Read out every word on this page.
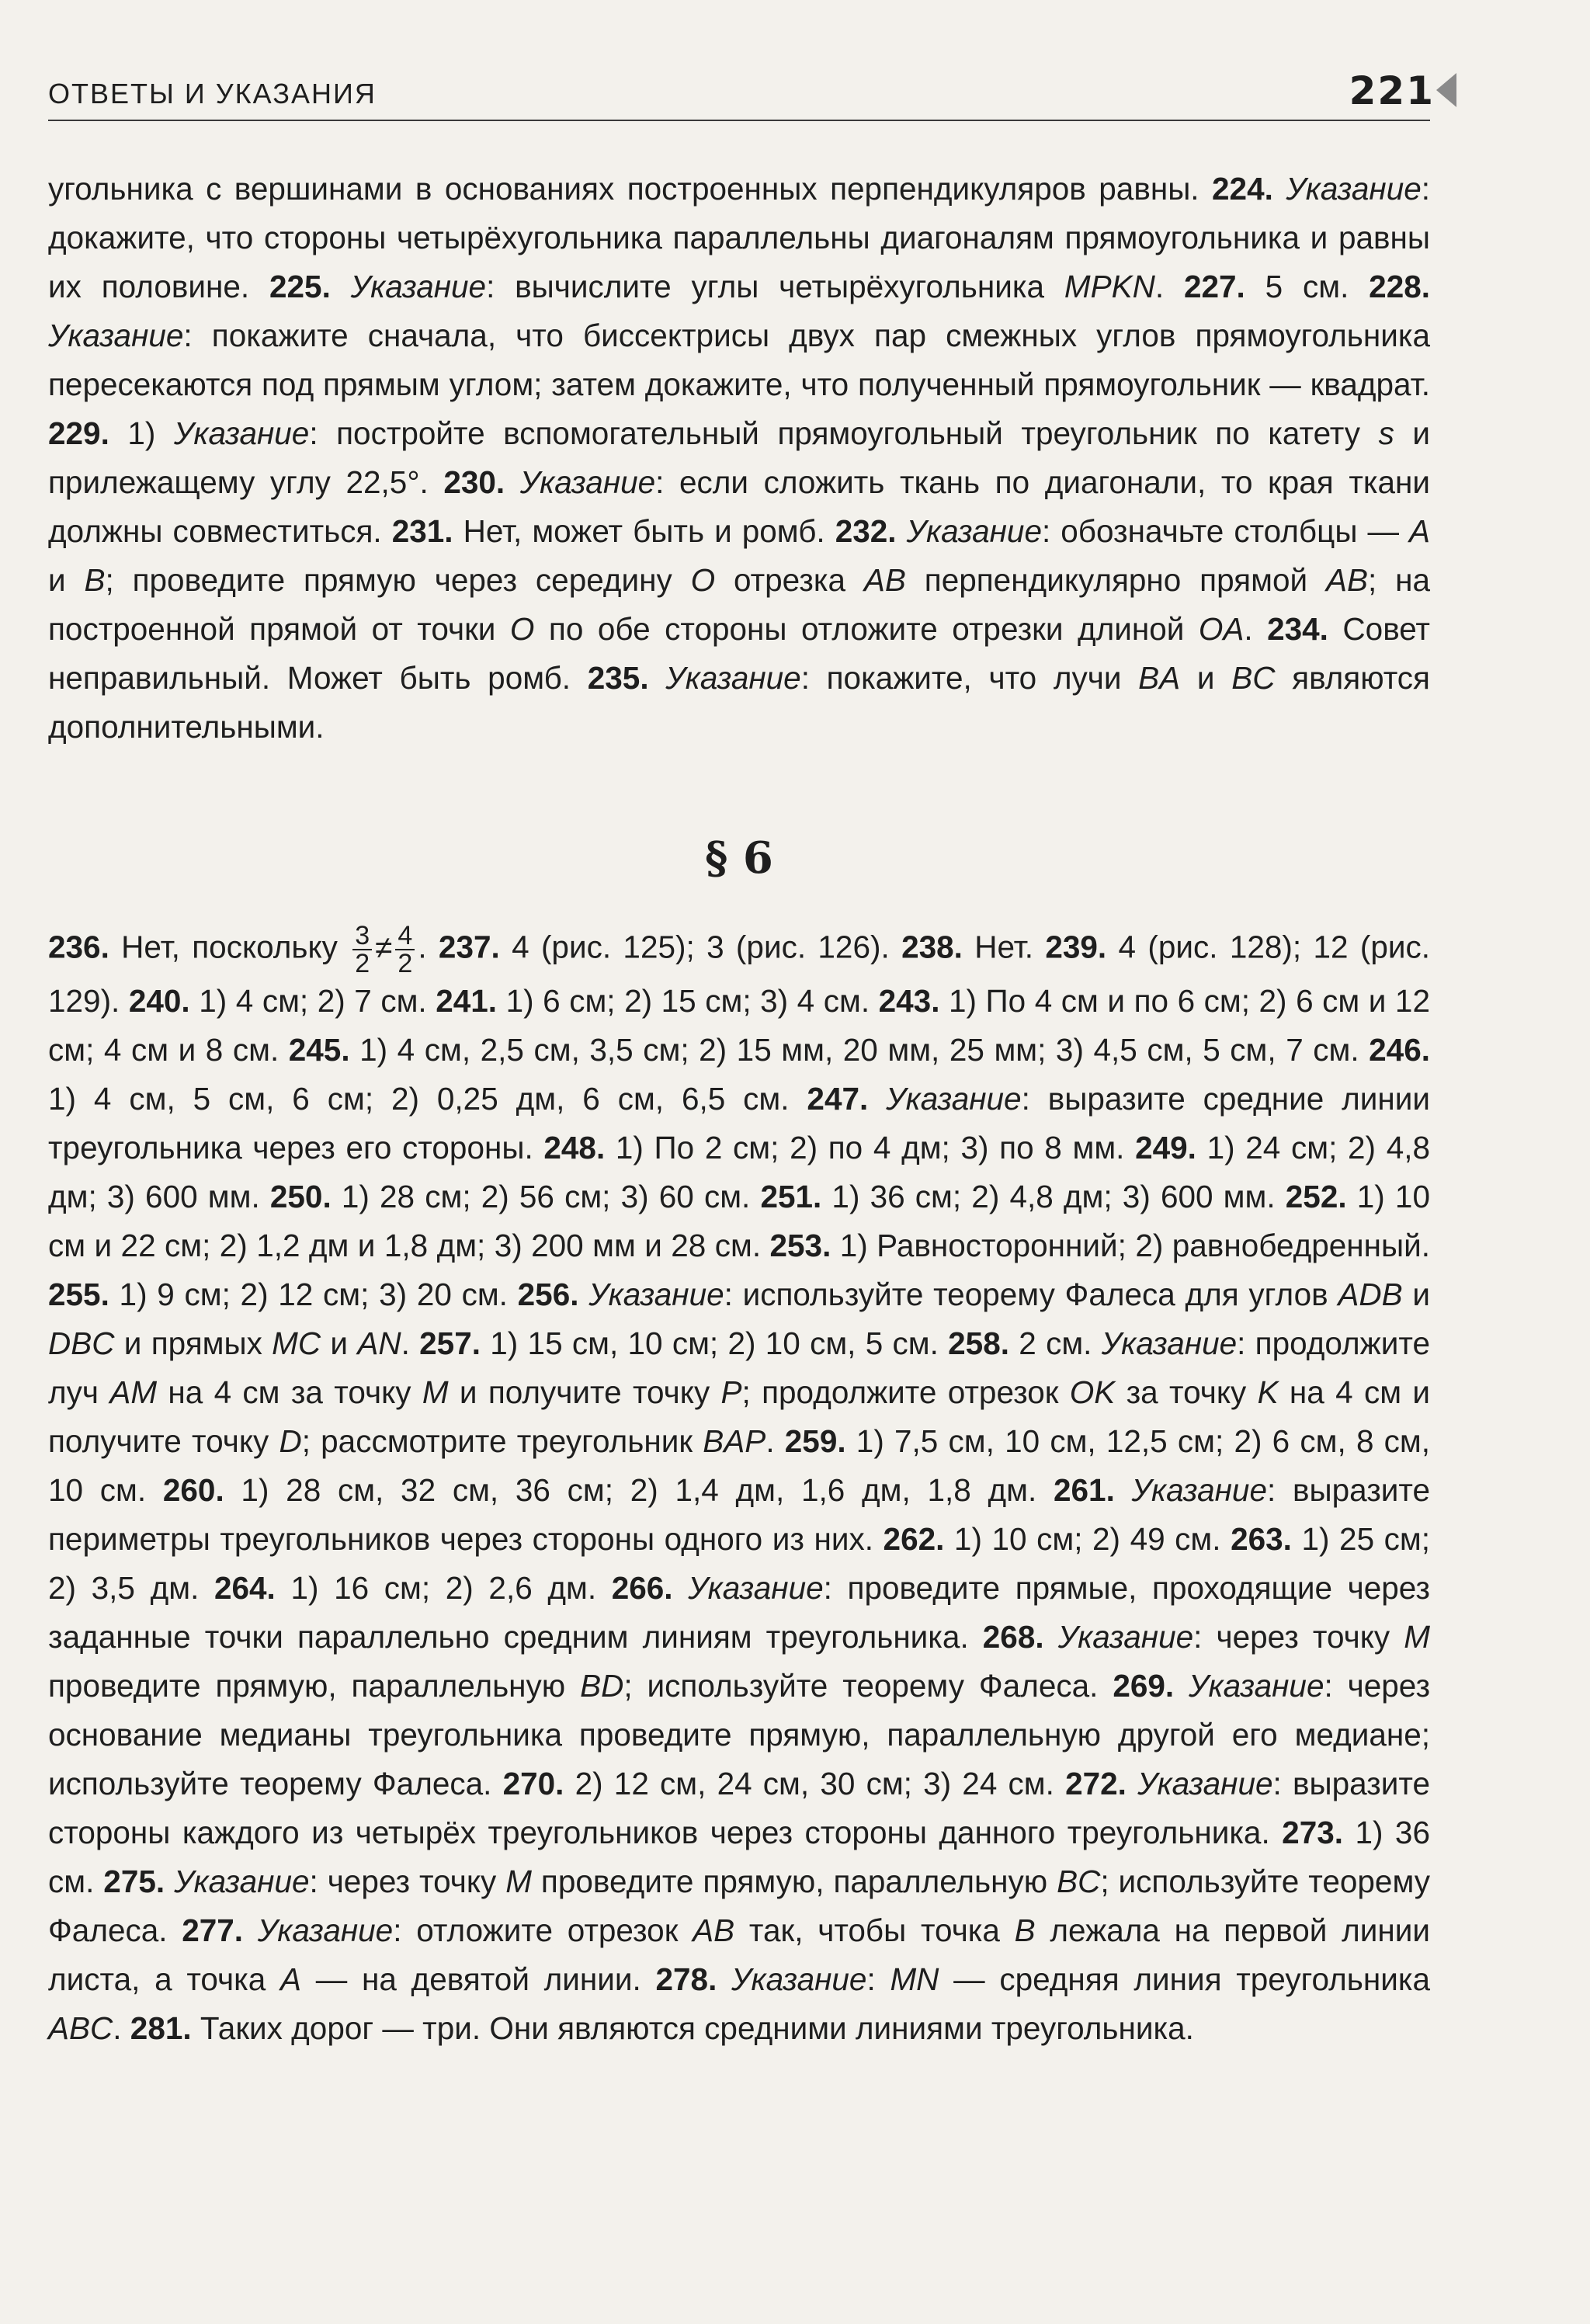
ОТВЕТЫ И УКАЗАНИЯ	221

угольника с вершинами в основаниях построенных перпендикуляров равны. 224. Указание: докажите, что стороны четырёхугольника параллельны диагоналям прямоугольника и равны их половине. 225. Указание: вычислите углы четырёхугольника MPKN. 227. 5 см. 228. Указание: покажите сначала, что биссектрисы двух пар смежных углов прямоугольника пересекаются под прямым углом; затем докажите, что полученный прямоугольник — квадрат. 229. 1) Указание: постройте вспомогательный прямоугольный треугольник по катету s и прилежащему углу 22,5°. 230. Указание: если сложить ткань по диагонали, то края ткани должны совместиться. 231. Нет, может быть и ромб. 232. Указание: обозначьте столбцы — A и B; проведите прямую через середину O отрезка AB перпендикулярно прямой AB; на построенной прямой от точки O по обе стороны отложите отрезки длиной OA. 234. Совет неправильный. Может быть ромб. 235. Указание: покажите, что лучи BA и BC являются дополнительными.

§ 6

236. Нет, поскольку $\frac{3}{2} \ne \frac{4}{2}$ . 237. 4 (рис. 125); 3 (рис. 126). 238. Нет. 239. 4 (рис. 128); 12 (рис. 129). 240. 1) 4 см; 2) 7 см. 241. 1) 6 см; 2) 15 см; 3) 4 см. 243. 1) По 4 см и по 6 см; 2) 6 см и 12 см; 4 см и 8 см. 245. 1) 4 см, 2,5 см, 3,5 см; 2) 15 мм, 20 мм, 25 мм; 3) 4,5 см, 5 см, 7 см. 246. 1) 4 см, 5 см, 6 см; 2) 0,25 дм, 6 см, 6,5 см. 247. Указание: выразите средние линии треугольника через его стороны. 248. 1) По 2 см; 2) по 4 дм; 3) по 8 мм. 249. 1) 24 см; 2) 4,8 дм; 3) 600 мм. 250. 1) 28 см; 2) 56 см; 3) 60 см. 251. 1) 36 см; 2) 4,8 дм; 3) 600 мм. 252. 1) 10 см и 22 см; 2) 1,2 дм и 1,8 дм; 3) 200 мм и 28 см. 253. 1) Равносторонний; 2) равнобедренный. 255. 1) 9 см; 2) 12 см; 3) 20 см. 256. Указание: используйте теорему Фалеса для углов ADB и DBC и прямых MC и AN. 257. 1) 15 см, 10 см; 2) 10 см, 5 см. 258. 2 см. Указание: продолжите луч AM на 4 см за точку M и получите точку P; продолжите отрезок OK за точку K на 4 см и получите точку D; рассмотрите треугольник BAP. 259. 1) 7,5 см, 10 см, 12,5 см; 2) 6 см, 8 см, 10 см. 260. 1) 28 см, 32 см, 36 см; 2) 1,4 дм, 1,6 дм, 1,8 дм. 261. Указание: выразите периметры треугольников через стороны одного из них. 262. 1) 10 см; 2) 49 см. 263. 1) 25 см; 2) 3,5 дм. 264. 1) 16 см; 2) 2,6 дм. 266. Указание: проведите прямые, проходящие через заданные точки параллельно средним линиям треугольника. 268. Указание: через точку M проведите прямую, параллельную BD; используйте теорему Фалеса. 269. Указание: через основание медианы треугольника проведите прямую, параллельную другой его медиане; используйте теорему Фалеса. 270. 2) 12 см, 24 см, 30 см; 3) 24 см. 272. Указание: выразите стороны каждого из четырёх треугольников через стороны данного треугольника. 273. 1) 36 см. 275. Указание: через точку M проведите прямую, параллельную BC; используйте теорему Фалеса. 277. Указание: отложите отрезок AB так, чтобы точка B лежала на первой линии листа, а точка A — на девятой линии. 278. Указание: MN — средняя линия треугольника ABC. 281. Таких дорог — три. Они являются средними линиями треугольника.
